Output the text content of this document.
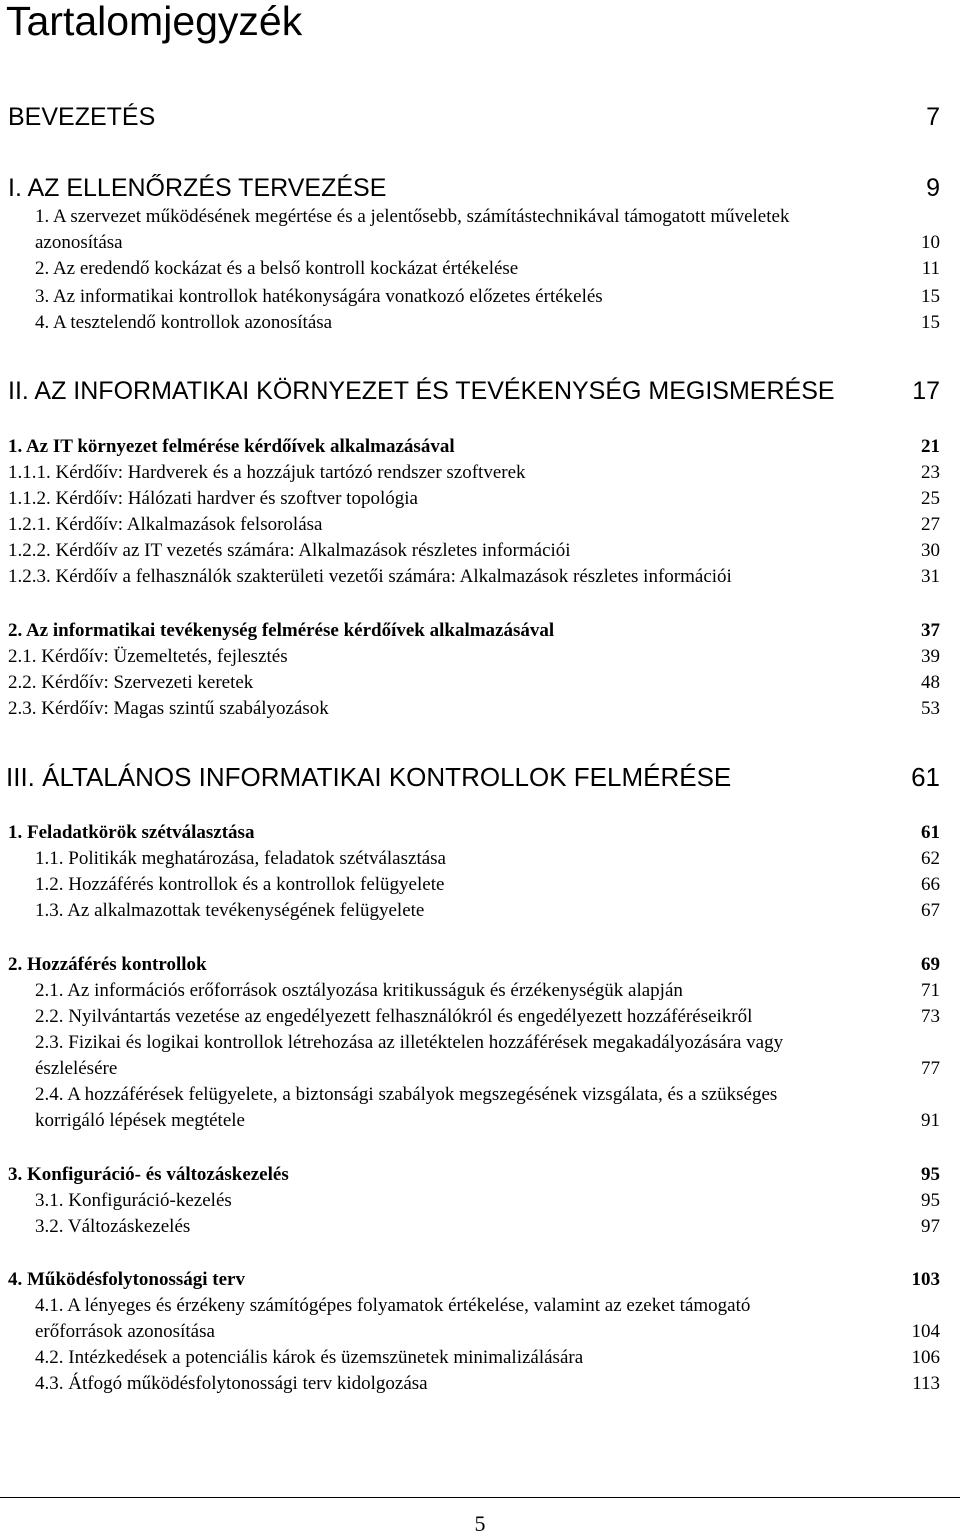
Tartalomjegyzék
BEVEZETÉS	7
I. AZ ELLENŐRZÉS TERVEZÉSE	9
1. A szervezet működésének megértése és a jelentősebb, számítástechnikával támogatott műveletek
azonosítása	10
2. Az eredendő kockázat és a belső kontroll kockázat értékelése	11
3. Az informatikai kontrollok hatékonyságára vonatkozó előzetes értékelés	15
4. A tesztelendő kontrollok azonosítása	15
II. AZ INFORMATIKAI KÖRNYEZET ÉS TEVÉKENYSÉG MEGISMERÉSE	17
1. Az IT környezet felmérése kérdőívek alkalmazásával	21
1.1.1. Kérdőív: Hardverek és a hozzájuk tartózó rendszer szoftverek	23
1.1.2. Kérdőív: Hálózati hardver és szoftver topológia	25
1.2.1. Kérdőív: Alkalmazások felsorolása	27
1.2.2. Kérdőív az IT vezetés számára: Alkalmazások részletes információi	30
1.2.3. Kérdőív a felhasználók szakterületi vezetői számára: Alkalmazások részletes információi	31
2. Az informatikai tevékenység felmérése kérdőívek alkalmazásával	37
2.1. Kérdőív: Üzemeltetés, fejlesztés	39
2.2. Kérdőív: Szervezeti keretek	48
2.3. Kérdőív: Magas szintű szabályozások	53
III. ÁLTALÁNOS INFORMATIKAI KONTROLLOK FELMÉRÉSE	61
1. Feladatkörök szétválasztása	61
1.1. Politikák meghatározása, feladatok szétválasztása	62
1.2. Hozzáférés kontrollok és a kontrollok felügyelete	66
1.3. Az alkalmazottak tevékenységének felügyelete	67
2. Hozzáférés kontrollok	69
2.1. Az információs erőforrások osztályozása kritikusságuk és érzékenységük alapján	71
2.2. Nyilvántartás vezetése az engedélyezett felhasználókról és engedélyezett hozzáféréseikről	73
2.3. Fizikai és logikai kontrollok létrehozása az illetéktelen hozzáférések megakadályozására vagy
észlelésére	77
2.4. A hozzáférések felügyelete, a biztonsági szabályok megszegésének vizsgálata, és a szükséges
korrigáló lépések megtétele	91
3. Konfiguráció- és változáskezelés	95
3.1. Konfiguráció-kezelés	95
3.2. Változáskezelés	97
4. Működésfolytonossági terv	103
4.1. A lényeges és érzékeny számítógépes folyamatok értékelése, valamint az ezeket támogató
erőforrások azonosítása	104
4.2. Intézkedések a potenciális károk és üzemszünetek minimalizálására	106
4.3. Átfogó működésfolytonossági terv kidolgozása	113
5
